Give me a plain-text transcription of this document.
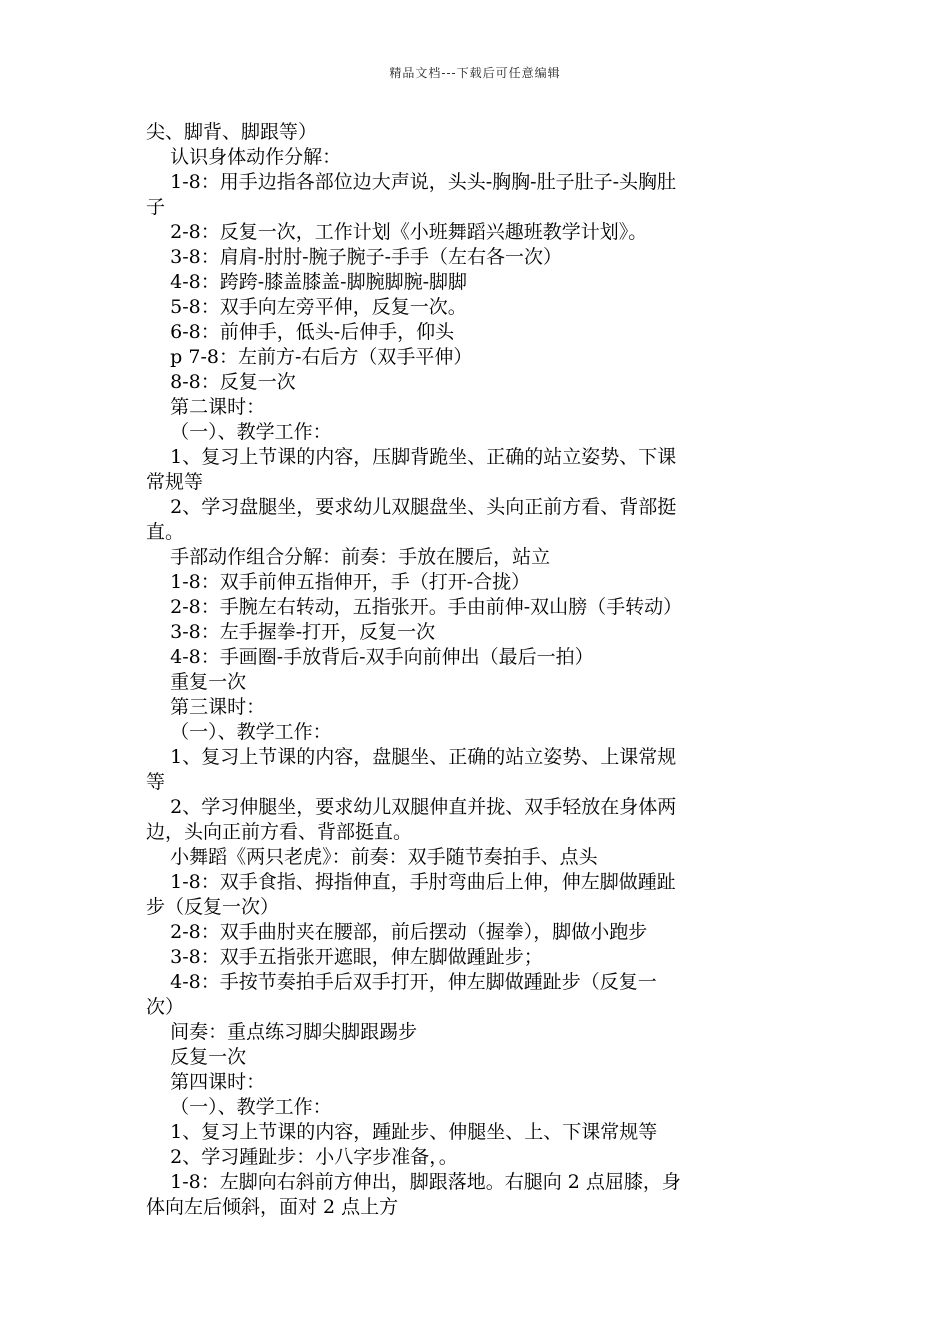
精品文档---下载后可任意编辑
尖、脚背、脚跟等）
认识身体动作分解：
1-8：用手边指各部位边大声说，头头-胸胸-肚子肚子-头胸肚
子
2-8：反复一次，工作计划《小班舞蹈兴趣班教学计划》。
3-8：肩肩-肘肘-腕子腕子-手手（左右各一次）
4-8：跨跨-膝盖膝盖-脚腕脚腕-脚脚
5-8：双手向左旁平伸，反复一次。
6-8：前伸手，低头-后伸手，仰头
p 7-8：左前方-右后方（双手平伸）
8-8：反复一次
第二课时：
（一）、教学工作：
1、复习上节课的内容，压脚背跪坐、正确的站立姿势、下课
常规等
2、学习盘腿坐，要求幼儿双腿盘坐、头向正前方看、背部挺
直。
手部动作组合分解：前奏：手放在腰后，站立
1-8：双手前伸五指伸开，手（打开-合拢）
2-8：手腕左右转动，五指张开。手由前伸-双山膀（手转动）
3-8：左手握拳-打开，反复一次
4-8：手画圈-手放背后-双手向前伸出（最后一拍）
重复一次
第三课时：
（一）、教学工作：
1、复习上节课的内容，盘腿坐、正确的站立姿势、上课常规
等
2、学习伸腿坐，要求幼儿双腿伸直并拢、双手轻放在身体两
边，头向正前方看、背部挺直。
小舞蹈《两只老虎》：前奏：双手随节奏拍手、点头
1-8：双手食指、拇指伸直，手肘弯曲后上伸，伸左脚做踵趾
步（反复一次）
2-8：双手曲肘夹在腰部，前后摆动（握拳），脚做小跑步
3-8：双手五指张开遮眼，伸左脚做踵趾步；
4-8：手按节奏拍手后双手打开，伸左脚做踵趾步（反复一
次）
间奏：重点练习脚尖脚跟踢步
反复一次
第四课时：
（一）、教学工作：
1、复习上节课的内容，踵趾步、伸腿坐、上、下课常规等
2、学习踵趾步：小八字步准备，。
1-8：左脚向右斜前方伸出，脚跟落地。右腿向 2 点屈膝，身
体向左后倾斜，面对 2 点上方
